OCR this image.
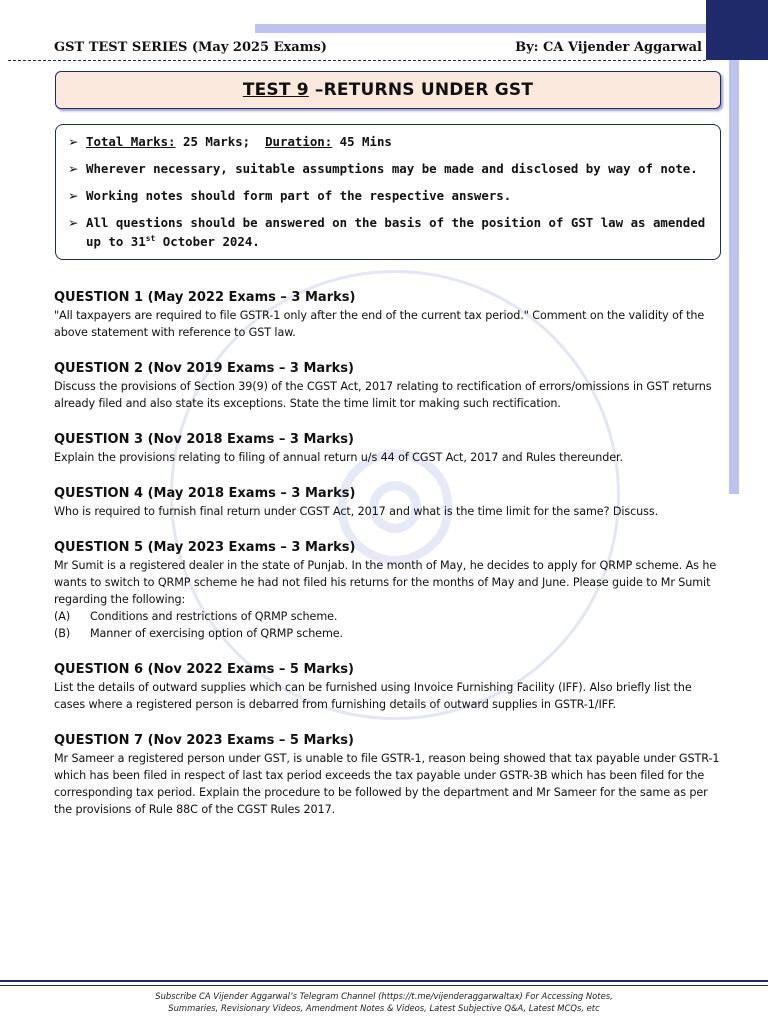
GST TEST SERIES (May 2025 Exams)	By: CA Vijender Aggarwal
◎
TEST 9 –RETURNS UNDER GST
➢ Total Marks: 25 Marks;  Duration: 45 Mins
➢ Wherever necessary, suitable assumptions may be made and disclosed by way of note.
➢ Working notes should form part of the respective answers.
➢ All questions should be answered on the basis of the position of GST law as amended up to 31st October 2024.
QUESTION 1 (May 2022 Exams – 3 Marks)
"All taxpayers are required to file GSTR-1 only after the end of the current tax period." Comment on the validity of the above statement with reference to GST law.
QUESTION 2 (Nov 2019 Exams – 3 Marks)
Discuss the provisions of Section 39(9) of the CGST Act, 2017 relating to rectification of errors/omissions in GST returns already filed and also state its exceptions. State the time limit tor making such rectification.
QUESTION 3 (Nov 2018 Exams – 3 Marks)
Explain the provisions relating to filing of annual return u/s 44 of CGST Act, 2017 and Rules thereunder.
QUESTION 4 (May 2018 Exams – 3 Marks)
Who is required to furnish final return under CGST Act, 2017 and what is the time limit for the same? Discuss.
QUESTION 5 (May 2023 Exams – 3 Marks)

Mr Sumit is a registered dealer in the state of Punjab. In the month of May, he decides to apply for QRMP scheme. As he wants to switch to QRMP scheme he had not filed his returns for the months of May and June. Please guide to Mr Sumit regarding the following:

(A)	Conditions and restrictions of QRMP scheme.
(B)	Manner of exercising option of QRMP scheme.
QUESTION 6 (Nov 2022 Exams – 5 Marks)
List the details of outward supplies which can be furnished using Invoice Furnishing Facility (IFF). Also briefly list the cases where a registered person is debarred from furnishing details of outward supplies in GSTR-1/IFF.
QUESTION 7 (Nov 2023 Exams – 5 Marks)
Mr Sameer a registered person under GST, is unable to file GSTR-1, reason being showed that tax payable under GSTR-1 which has been filed in respect of last tax period exceeds the tax payable under GSTR-3B which has been filed for the corresponding tax period. Explain the procedure to be followed by the department and Mr Sameer for the same as per the provisions of Rule 88C of the CGST Rules 2017.
Subscribe CA Vijender Aggarwal’s Telegram Channel (https://t.me/vijenderaggarwaltax) For Accessing Notes,
Summaries, Revisionary Videos, Amendment Notes & Videos, Latest Subjective Q&A, Latest MCQs, etc
